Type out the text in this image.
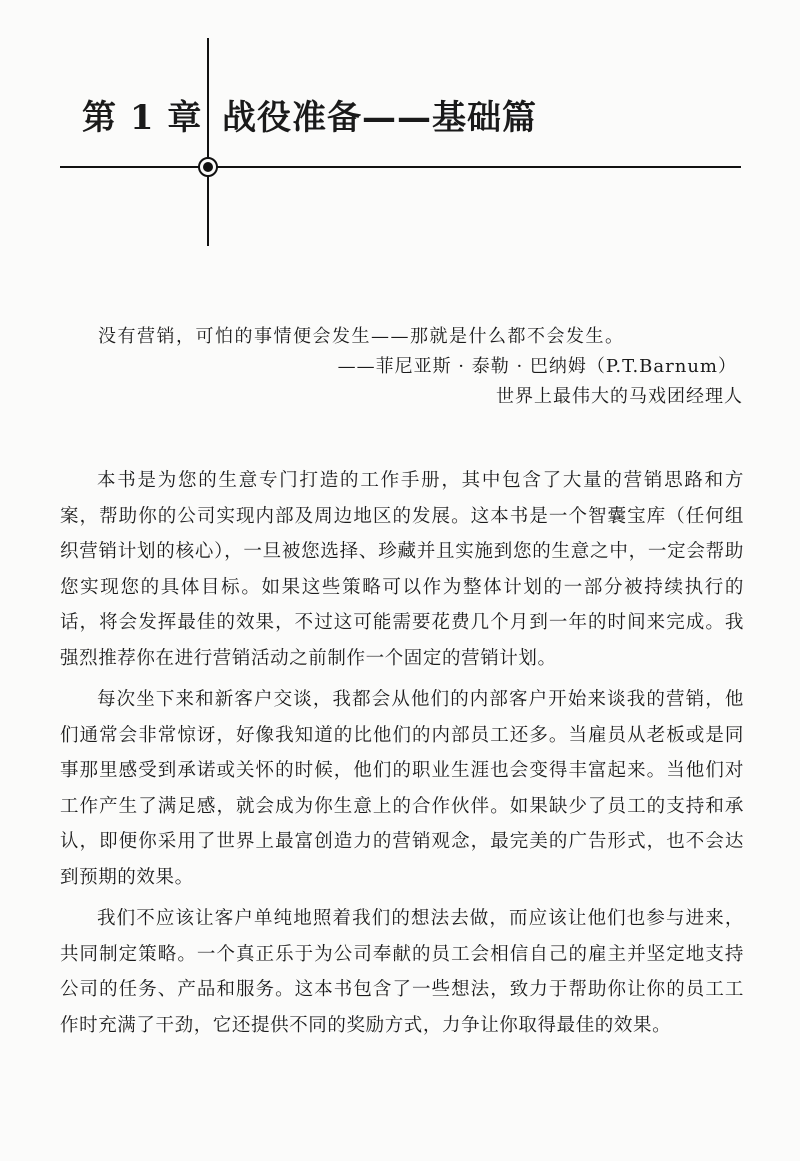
第 1 章 战役准备——基础篇

没有营销，可怕的事情便会发生——那就是什么都不会发生。

——菲尼亚斯 · 泰勒 · 巴纳姆（P.T.Barnum）

世界上最伟大的马戏团经理人

本书是为您的生意专门打造的工作手册，其中包含了大量的营销思路和方案，帮助你的公司实现内部及周边地区的发展。这本书是一个智囊宝库（任何组织营销计划的核心），一旦被您选择、珍藏并且实施到您的生意之中，一定会帮助您实现您的具体目标。如果这些策略可以作为整体计划的一部分被持续执行的话，将会发挥最佳的效果，不过这可能需要花费几个月到一年的时间来完成。我强烈推荐你在进行营销活动之前制作一个固定的营销计划。

每次坐下来和新客户交谈，我都会从他们的内部客户开始来谈我的营销，他们通常会非常惊讶，好像我知道的比他们的内部员工还多。当雇员从老板或是同事那里感受到承诺或关怀的时候，他们的职业生涯也会变得丰富起来。当他们对工作产生了满足感，就会成为你生意上的合作伙伴。如果缺少了员工的支持和承认，即便你采用了世界上最富创造力的营销观念，最完美的广告形式，也不会达到预期的效果。

我们不应该让客户单纯地照着我们的想法去做，而应该让他们也参与进来，共同制定策略。一个真正乐于为公司奉献的员工会相信自己的雇主并坚定地支持公司的任务、产品和服务。这本书包含了一些想法，致力于帮助你让你的员工工作时充满了干劲，它还提供不同的奖励方式，力争让你取得最佳的效果。
